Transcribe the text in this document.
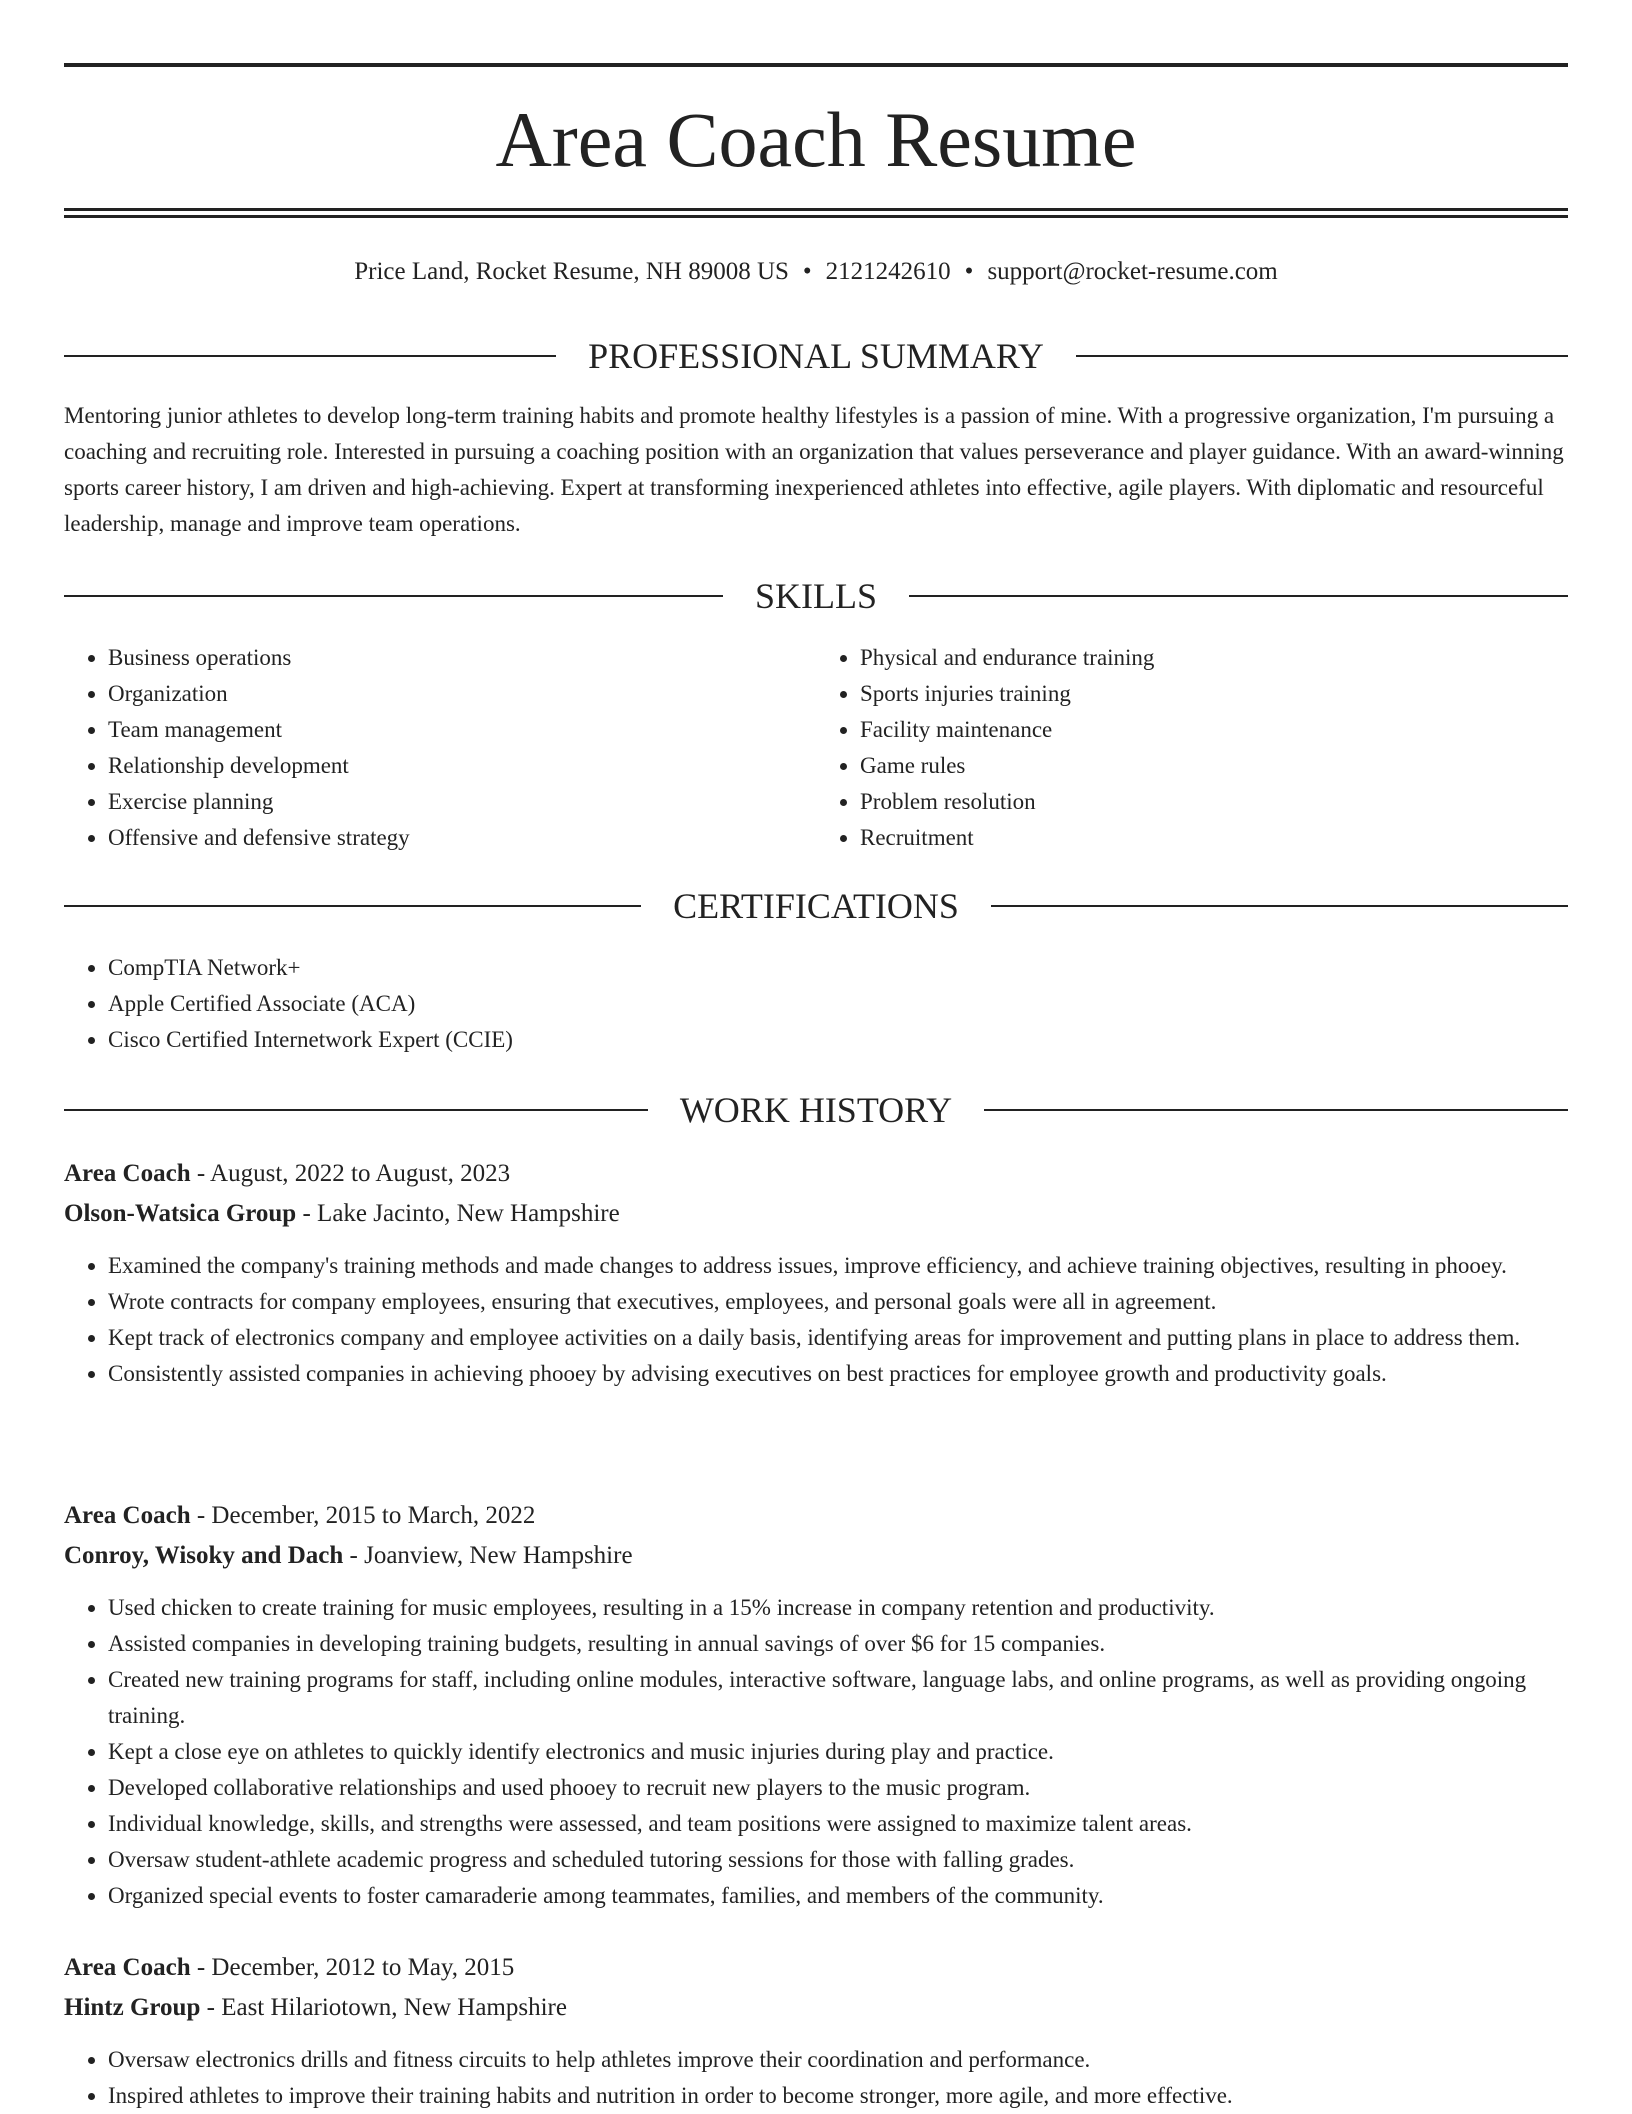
Area Coach Resume
Price Land, Rocket Resume, NH 89008 US • 2121242610 • support@rocket-resume.com
PROFESSIONAL SUMMARY

Mentoring junior athletes to develop long-term training habits and promote healthy lifestyles is a passion of mine. With a progressive organization, I'm pursuing a coaching and recruiting role. Interested in pursuing a coaching position with an organization that values perseverance and player guidance. With an award-winning sports career history, I am driven and high-achieving. Expert at transforming inexperienced athletes into effective, agile players. With diplomatic and resourceful leadership, manage and improve team operations.

SKILLS
• Business operations
• Organization
• Team management
• Relationship development
• Exercise planning
• Offensive and defensive strategy
• Physical and endurance training
• Sports injuries training
• Facility maintenance
• Game rules
• Problem resolution
• Recruitment
CERTIFICATIONS
• CompTIA Network+
• Apple Certified Associate (ACA)
• Cisco Certified Internetwork Expert (CCIE)
WORK HISTORY

Area Coach - August, 2022 to August, 2023

Olson-Watsica Group - Lake Jacinto, New Hampshire

• Examined the company's training methods and made changes to address issues, improve efficiency, and achieve training objectives, resulting in phooey.
• Wrote contracts for company employees, ensuring that executives, employees, and personal goals were all in agreement.
• Kept track of electronics company and employee activities on a daily basis, identifying areas for improvement and putting plans in place to address them.
• Consistently assisted companies in achieving phooey by advising executives on best practices for employee growth and productivity goals.

Area Coach - December, 2015 to March, 2022

Conroy, Wisoky and Dach - Joanview, New Hampshire

• Used chicken to create training for music employees, resulting in a 15% increase in company retention and productivity.
• Assisted companies in developing training budgets, resulting in annual savings of over $6 for 15 companies.
• Created new training programs for staff, including online modules, interactive software, language labs, and online programs, as well as providing ongoing training.
• Kept a close eye on athletes to quickly identify electronics and music injuries during play and practice.
• Developed collaborative relationships and used phooey to recruit new players to the music program.
• Individual knowledge, skills, and strengths were assessed, and team positions were assigned to maximize talent areas.
• Oversaw student-athlete academic progress and scheduled tutoring sessions for those with falling grades.
• Organized special events to foster camaraderie among teammates, families, and members of the community.

Area Coach - December, 2012 to May, 2015

Hintz Group - East Hilariotown, New Hampshire

• Oversaw electronics drills and fitness circuits to help athletes improve their coordination and performance.
• Inspired athletes to improve their training habits and nutrition in order to become stronger, more agile, and more effective.
